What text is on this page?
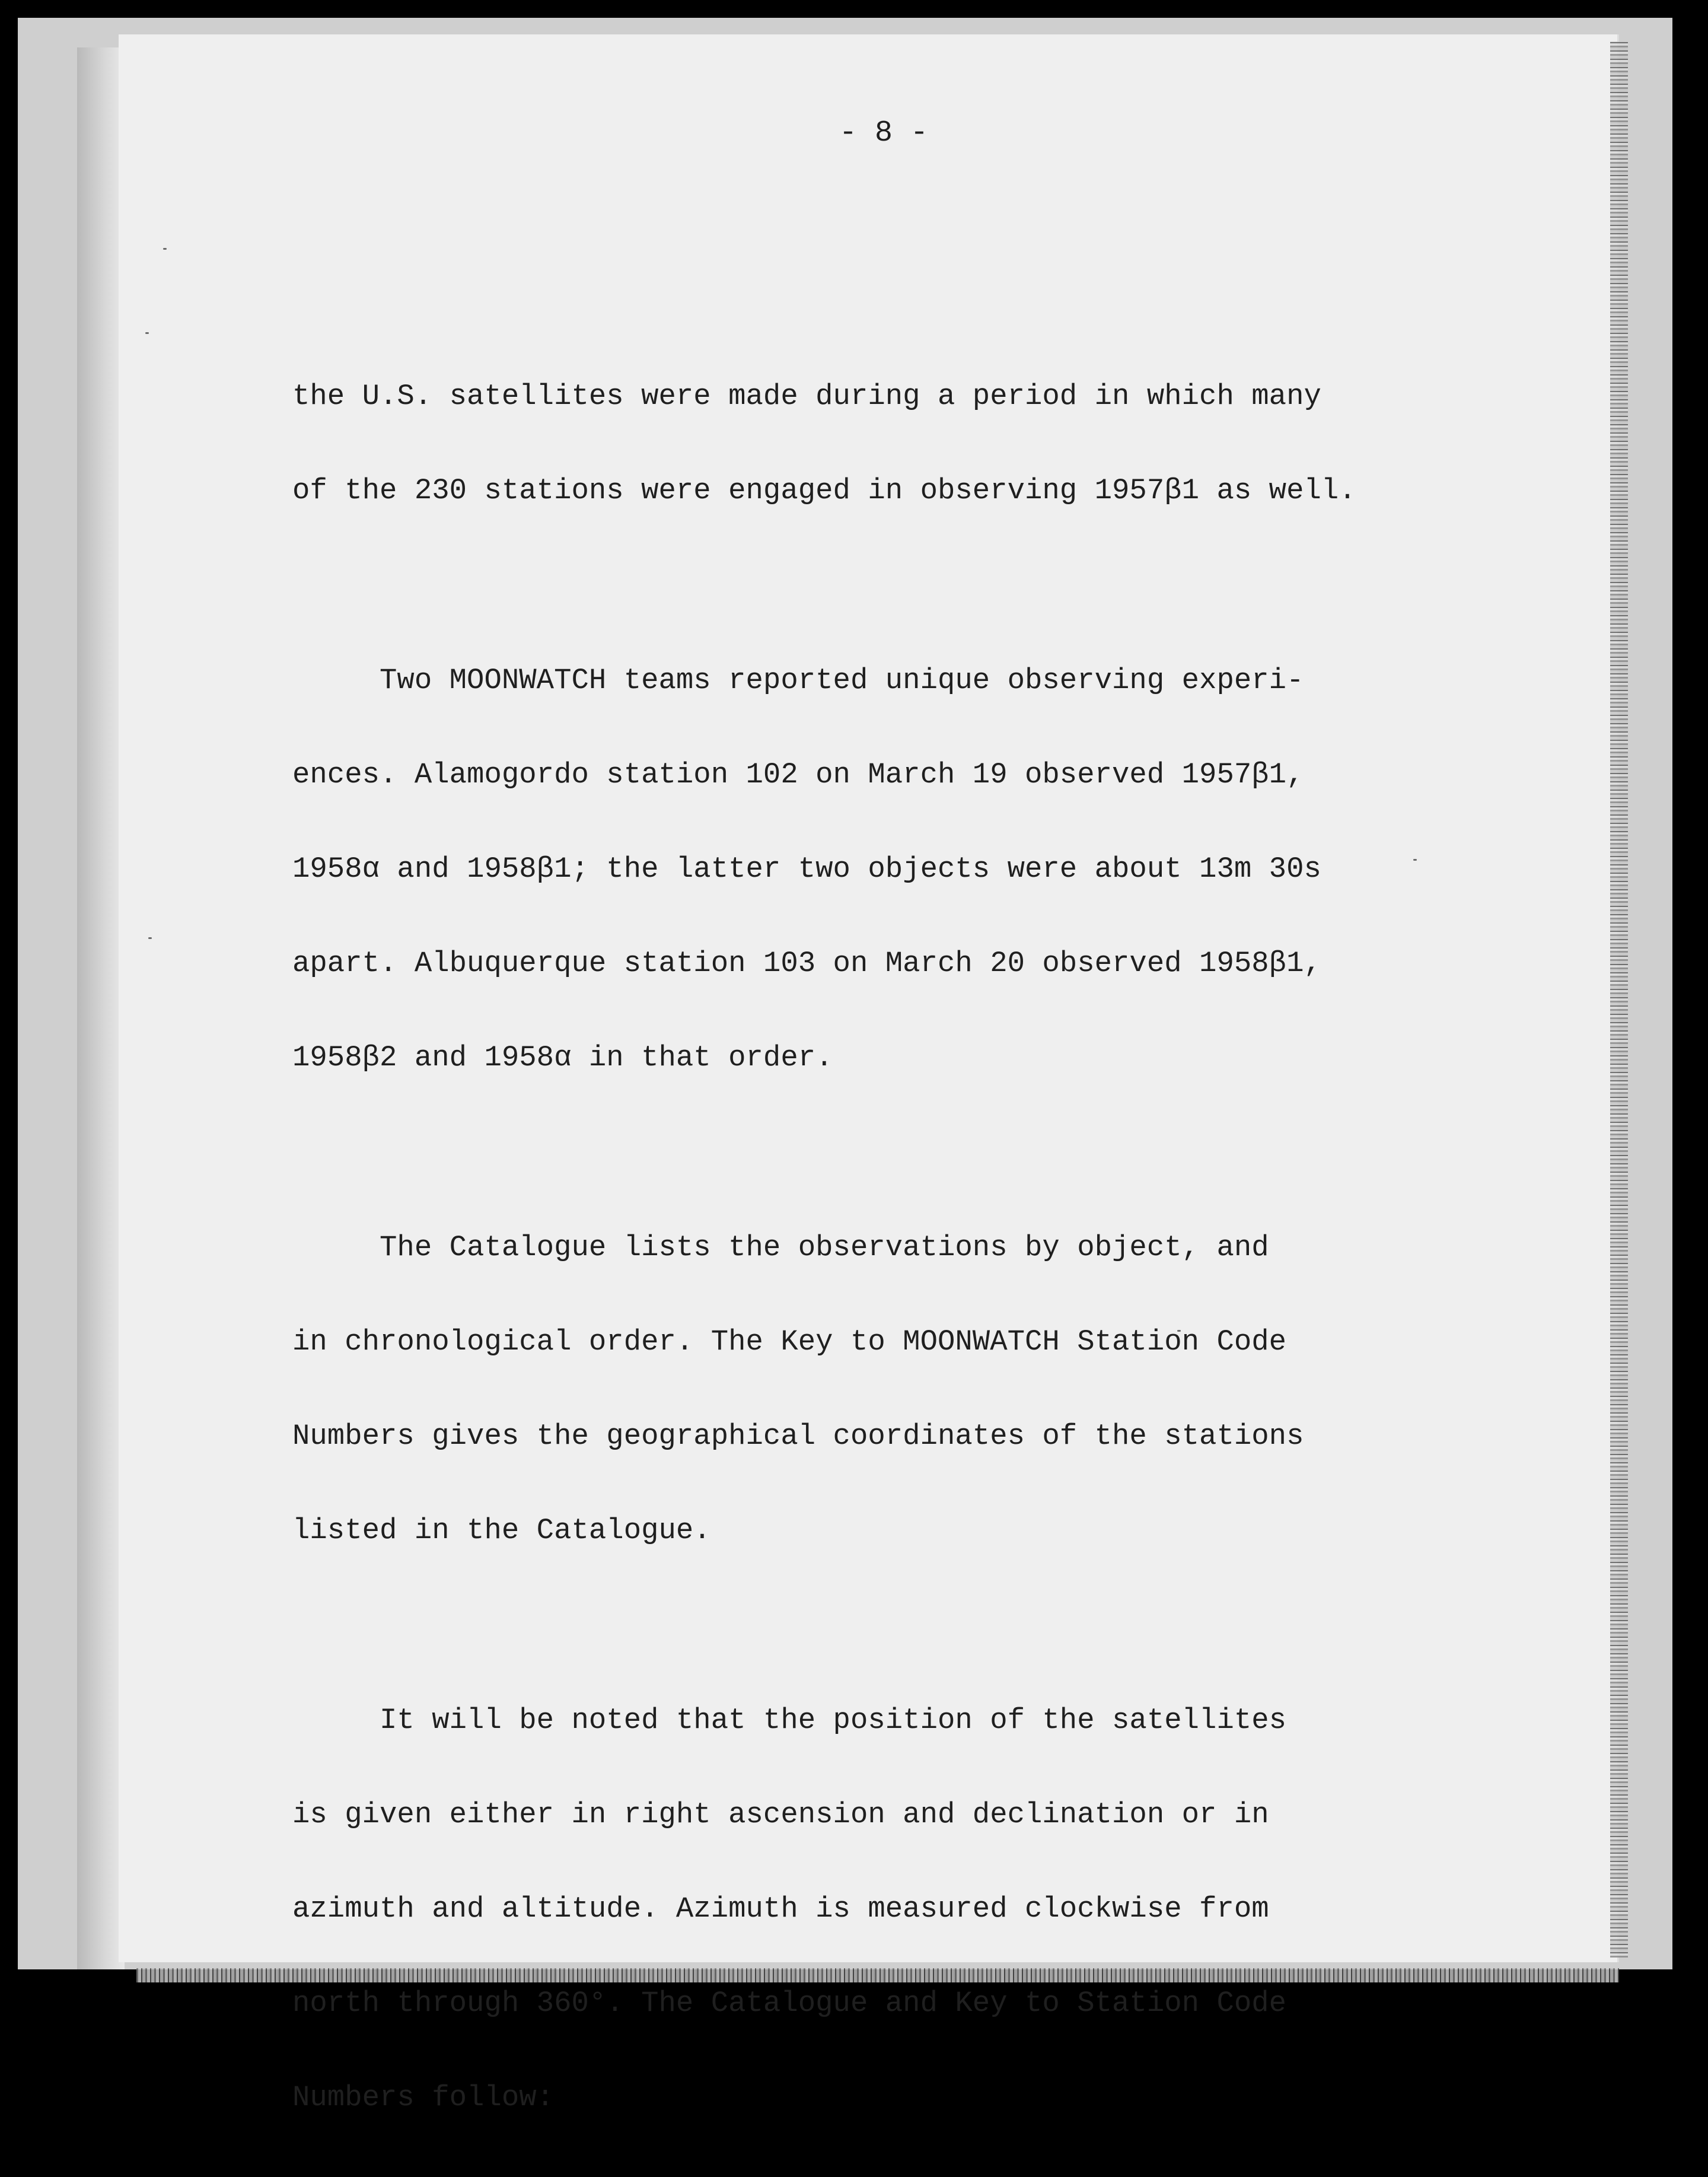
- 8 -

the U.S. satellites were made during a period in which many

of the 230 stations were engaged in observing 1957β1 as well.

Two MOONWATCH teams reported unique observing experi-

ences. Alamogordo station 102 on March 19 observed 1957β1,

1958α and 1958β1; the latter two objects were about 13m 30s

apart. Albuquerque station 103 on March 20 observed 1958β1,

1958β2 and 1958α in that order.

The Catalogue lists the observations by object, and

in chronological order. The Key to MOONWATCH Station Code

Numbers gives the geographical coordinates of the stations

listed in the Catalogue.

It will be noted that the position of the satellites

is given either in right ascension and declination or in

azimuth and altitude. Azimuth is measured clockwise from

north through 360°. The Catalogue and Key to Station Code

Numbers follow:
